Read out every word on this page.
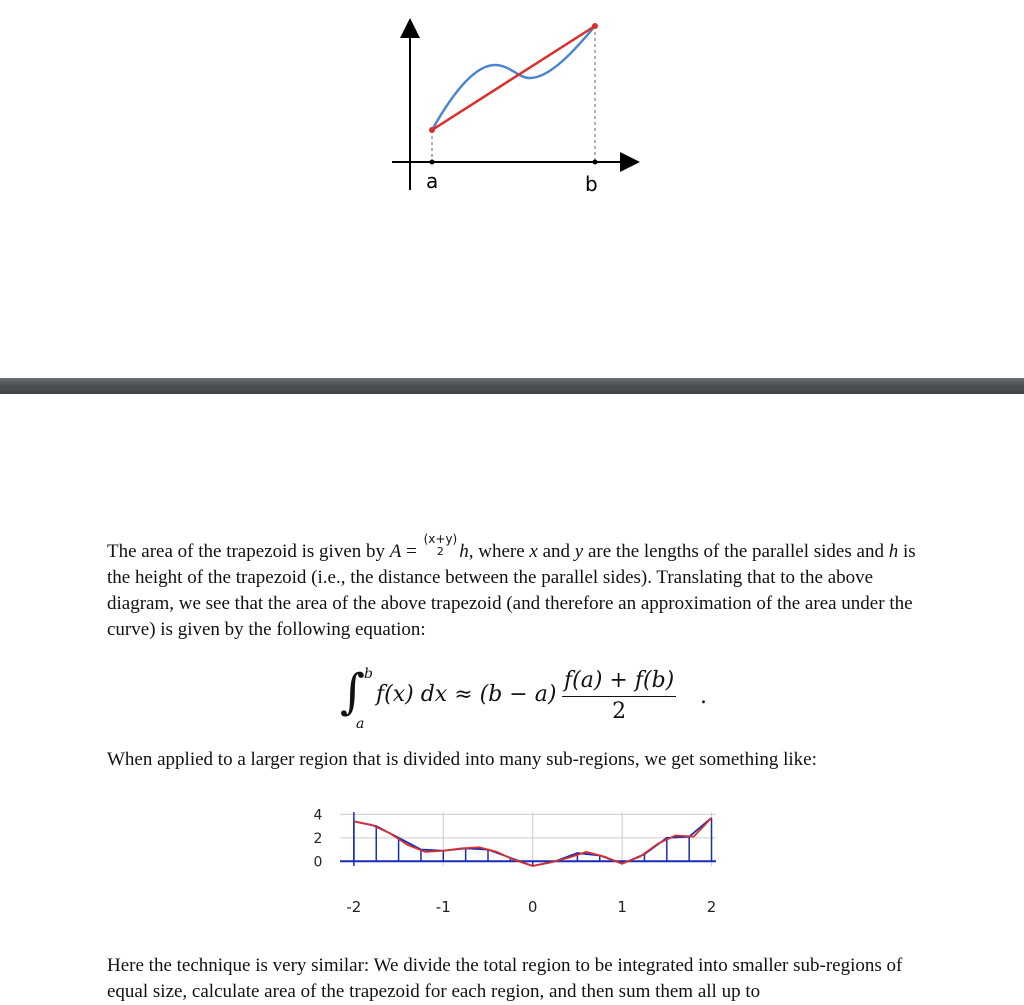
a	b
The area of the trapezoid is given by A =
(x+y)
2 h, where x and y are the lengths of the parallel sides and h is the height of the trapezoid (i.e., the distance between the parallel sides). Translating that to the above diagram, we see that the area of the above trapezoid (and therefore an approximation of the area under the curve) is given by the following equation:
∫
b
a
f(x) dx ≈ $(b - a) \frac{f(a) + f(b)}{2}$ .
When applied to a larger region that is divided into many sub-regions, we get something like:
-2	-1	0	1	2
4
2
0
Here the technique is very similar: We divide the total region to be integrated into smaller sub-regions of equal size, calculate area of the trapezoid for each region, and then sum them all up to
